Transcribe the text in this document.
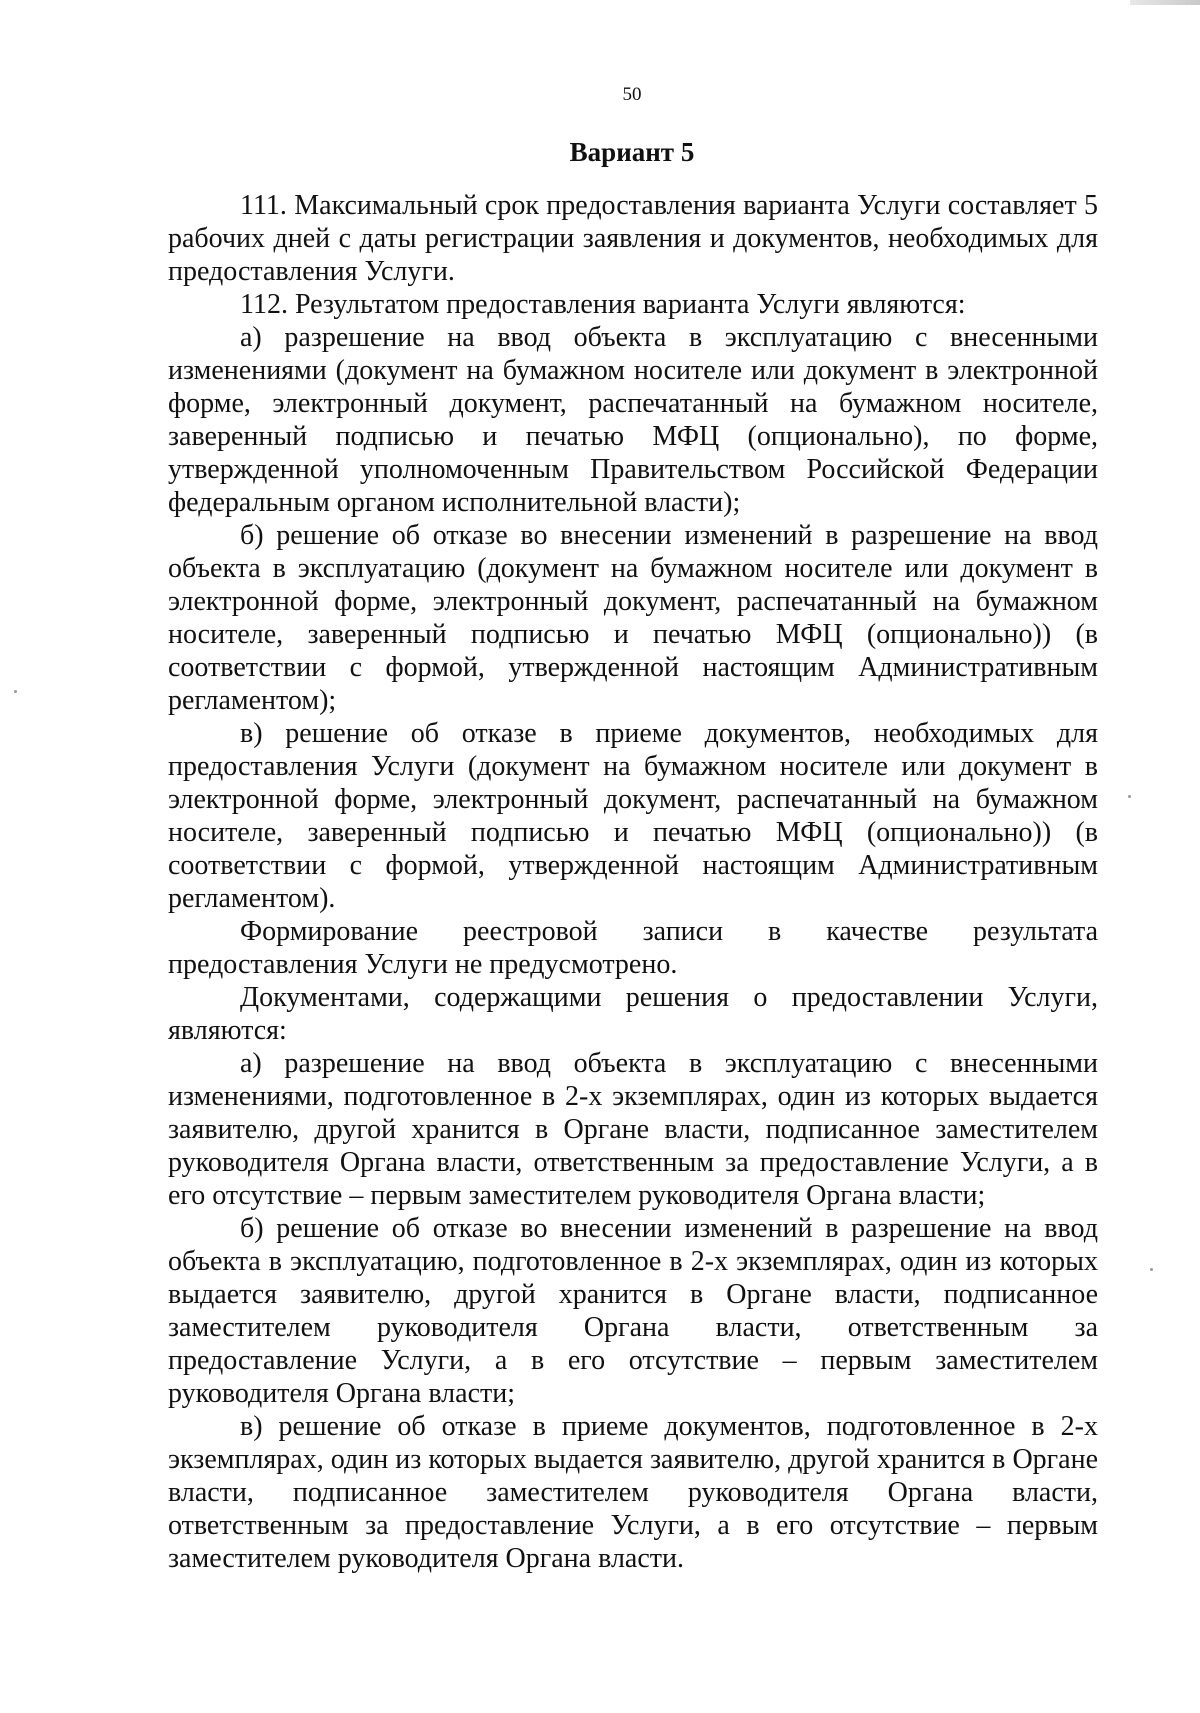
50
Вариант 5

111. Максимальный срок предоставления варианта Услуги составляет 5 рабочих дней с даты регистрации заявления и документов, необходимых для предоставления Услуги.

112. Результатом предоставления варианта Услуги являются:

а) разрешение на ввод объекта в эксплуатацию с внесенными изменениями (документ на бумажном носителе или документ в электронной форме, электронный документ, распечатанный на бумажном носителе, заверенный подписью и печатью МФЦ (опционально), по форме, утвержденной уполномоченным Правительством Российской Федерации федеральным органом исполнительной власти);

б) решение об отказе во внесении изменений в разрешение на ввод объекта в эксплуатацию (документ на бумажном носителе или документ в электронной форме, электронный документ, распечатанный на бумажном носителе, заверенный подписью и печатью МФЦ (опционально)) (в соответствии с формой, утвержденной настоящим Административным регламентом);

в) решение об отказе в приеме документов, необходимых для предоставления Услуги (документ на бумажном носителе или документ в электронной форме, электронный документ, распечатанный на бумажном носителе, заверенный подписью и печатью МФЦ (опционально)) (в соответствии с формой, утвержденной настоящим Административным регламентом).

Формирование реестровой записи в качестве результата предоставления Услуги не предусмотрено.

Документами, содержащими решения о предоставлении Услуги, являются:

а) разрешение на ввод объекта в эксплуатацию с внесенными изменениями, подготовленное в 2-х экземплярах, один из которых выдается заявителю, другой хранится в Органе власти, подписанное заместителем руководителя Органа власти, ответственным за предоставление Услуги, а в его отсутствие – первым заместителем руководителя Органа власти;

б) решение об отказе во внесении изменений в разрешение на ввод объекта в эксплуатацию, подготовленное в 2-х экземплярах, один из которых выдается заявителю, другой хранится в Органе власти, подписанное заместителем руководителя Органа власти, ответственным за предоставление Услуги, а в его отсутствие – первым заместителем руководителя Органа власти;

в) решение об отказе в приеме документов, подготовленное в 2-х экземплярах, один из которых выдается заявителю, другой хранится в Органе власти, подписанное заместителем руководителя Органа власти, ответственным за предоставление Услуги, а в его отсутствие – первым заместителем руководителя Органа власти.
